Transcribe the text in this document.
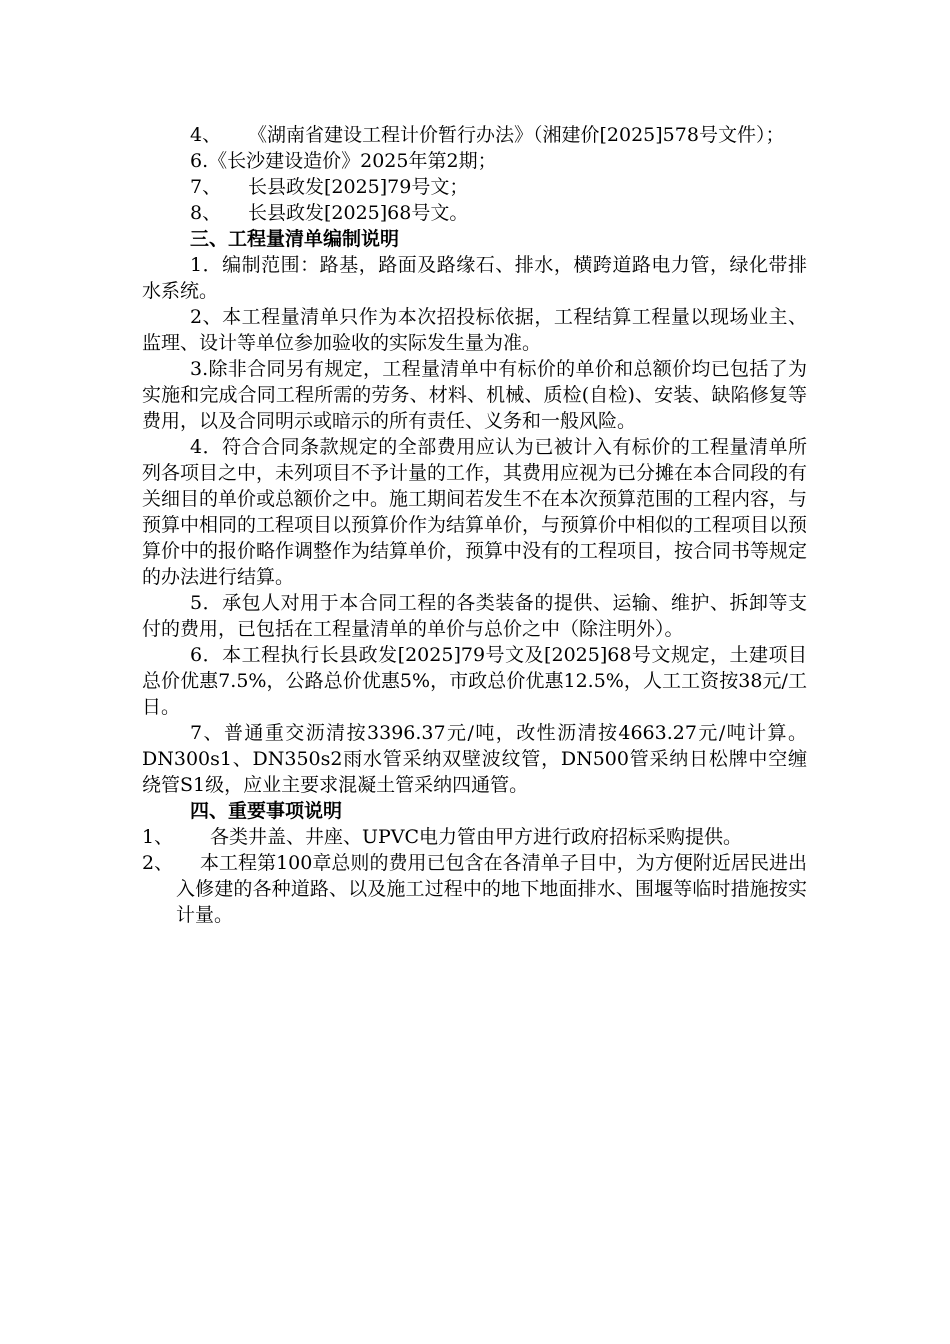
4、 《湖南省建设工程计价暂行办法》（湘建价[2025]578号文件）；
6.《长沙建设造价》2025年第2期；
7、 长县政发[2025]79号文；
8、 长县政发[2025]68号文。
三、工程量清单编制说明

1．编制范围：路基，路面及路缘石、排水，横跨道路电力管，绿化带排水系统。

2、本工程量清单只作为本次招投标依据，工程结算工程量以现场业主、监理、设计等单位参加验收的实际发生量为准。

3.除非合同另有规定，工程量清单中有标价的单价和总额价均已包括了为实施和完成合同工程所需的劳务、材料、机械、质检(自检)、安装、缺陷修复等费用，以及合同明示或暗示的所有责任、义务和一般风险。

4．符合合同条款规定的全部费用应认为已被计入有标价的工程量清单所列各项目之中，未列项目不予计量的工作，其费用应视为已分摊在本合同段的有关细目的单价或总额价之中。施工期间若发生不在本次预算范围的工程内容，与预算中相同的工程项目以预算价作为结算单价，与预算价中相似的工程项目以预算价中的报价略作调整作为结算单价，预算中没有的工程项目，按合同书等规定的办法进行结算。

5．承包人对用于本合同工程的各类装备的提供、运输、维护、拆卸等支付的费用，已包括在工程量清单的单价与总价之中（除注明外）。

6．本工程执行长县政发[2025]79号文及[2025]68号文规定，土建项目总价优惠7.5%，公路总价优惠5%，市政总价优惠12.5%，人工工资按38元/工日。

7、普通重交沥清按3396.37元/吨，改性沥清按4663.27元/吨计算。DN300s1、DN350s2雨水管采纳双壁波纹管，DN500管采纳日松牌中空缠绕管S1级，应业主要求混凝土管采纳四通管。

四、重要事项说明
1、	各类井盖、井座、UPVC电力管由甲方进行政府招标采购提供。
2、	本工程第100章总则的费用已包含在各清单子目中，为方便附近居民进出入修建的各种道路、以及施工过程中的地下地面排水、围堰等临时措施按实计量。
